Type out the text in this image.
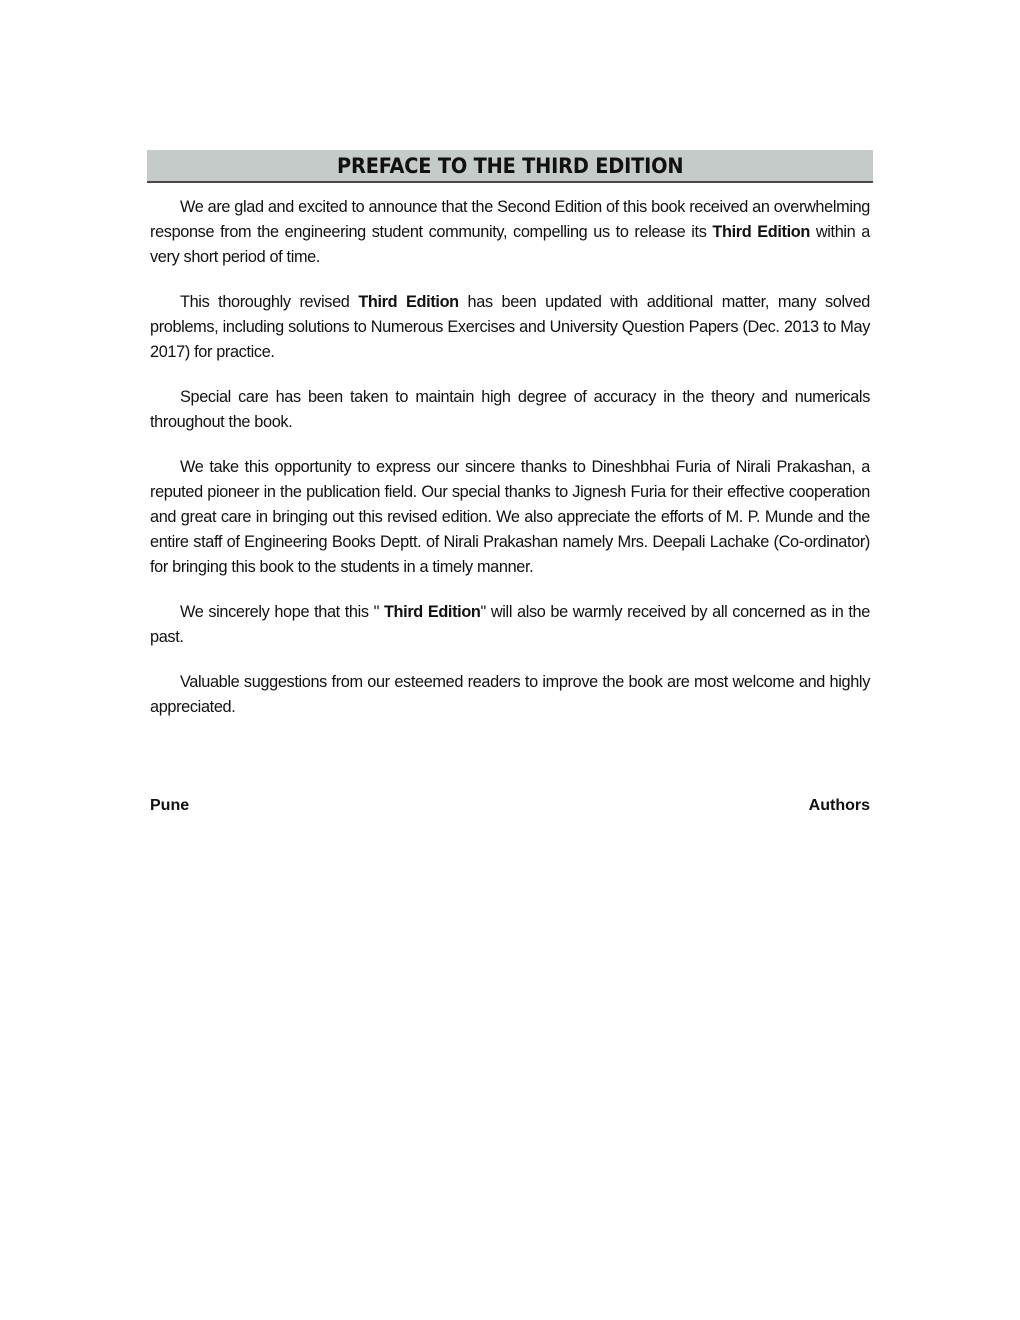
PREFACE TO THE THIRD EDITION

We are glad and excited to announce that the Second Edition of this book received an overwhelming response from the engineering student community, compelling us to release its Third Edition within a very short period of time.

This thoroughly revised Third Edition has been updated with additional matter, many solved problems, including solutions to Numerous Exercises and University Question Papers (Dec. 2013 to May 2017) for practice.

Special care has been taken to maintain high degree of accuracy in the theory and numericals throughout the book.

We take this opportunity to express our sincere thanks to Dineshbhai Furia of Nirali Prakashan, a reputed pioneer in the publication field. Our special thanks to Jignesh Furia for their effective cooperation and great care in bringing out this revised edition. We also appreciate the efforts of M. P. Munde and the entire staff of Engineering Books Deptt. of Nirali Prakashan namely Mrs. Deepali Lachake (Co-ordinator) for bringing this book to the students in a timely manner.

We sincerely hope that this " Third Edition" will also be warmly received by all concerned as in the past.

Valuable suggestions from our esteemed readers to improve the book are most welcome and highly appreciated.

Pune	Authors
